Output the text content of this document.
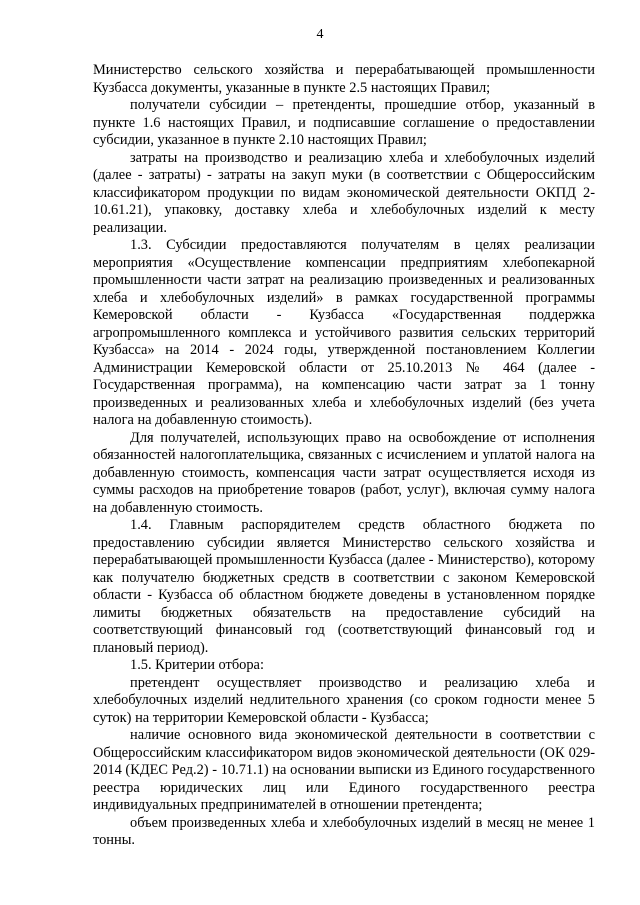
4

Министерство сельского хозяйства и перерабатывающей промышленности Кузбасса документы, указанные в пункте 2.5 настоящих Правил;

получатели субсидии – претенденты, прошедшие отбор, указанный в пункте 1.6 настоящих Правил, и подписавшие соглашение о предоставлении субсидии, указанное в пункте 2.10 настоящих Правил;

затраты на производство и реализацию хлеба и хлебобулочных изделий (далее - затраты) - затраты на закуп муки (в соответствии с Общероссийским классификатором продукции по видам экономической деятельности ОКПД 2- 10.61.21), упаковку, доставку хлеба и хлебобулочных изделий к месту реализации.

1.3. Субсидии предоставляются получателям в целях реализации мероприятия «Осуществление компенсации предприятиям хлебопекарной промышленности части затрат на реализацию произведенных и реализованных хлеба и хлебобулочных изделий» в рамках государственной программы Кемеровской области - Кузбасса «Государственная поддержка агропромышленного комплекса и устойчивого развития сельских территорий Кузбасса» на 2014 - 2024 годы, утвержденной постановлением Коллегии Администрации Кемеровской области от 25.10.2013 № 464 (далее - Государственная программа), на компенсацию части затрат за 1 тонну произведенных и реализованных хлеба и хлебобулочных изделий (без учета налога на добавленную стоимость).

Для получателей, использующих право на освобождение от исполнения обязанностей налогоплательщика, связанных с исчислением и уплатой налога на добавленную стоимость, компенсация части затрат осуществляется исходя из суммы расходов на приобретение товаров (работ, услуг), включая сумму налога на добавленную стоимость.

1.4. Главным распорядителем средств областного бюджета по предоставлению субсидии является Министерство сельского хозяйства и перерабатывающей промышленности Кузбасса (далее - Министерство), которому как получателю бюджетных средств в соответствии с законом Кемеровской области - Кузбасса об областном бюджете доведены в установленном порядке лимиты бюджетных обязательств на предоставление субсидий на соответствующий финансовый год (соответствующий финансовый год и плановый период).

1.5. Критерии отбора:

претендент осуществляет производство и реализацию хлеба и хлебобулочных изделий недлительного хранения (со сроком годности менее 5 суток) на территории Кемеровской области - Кузбасса;

наличие основного вида экономической деятельности в соответствии с Общероссийским классификатором видов экономической деятельности (ОК 029-2014 (КДЕС Ред.2) - 10.71.1) на основании выписки из Единого государственного реестра юридических лиц или Единого государственного реестра индивидуальных предпринимателей в отношении претендента;

объем произведенных хлеба и хлебобулочных изделий в месяц не менее 1 тонны.
